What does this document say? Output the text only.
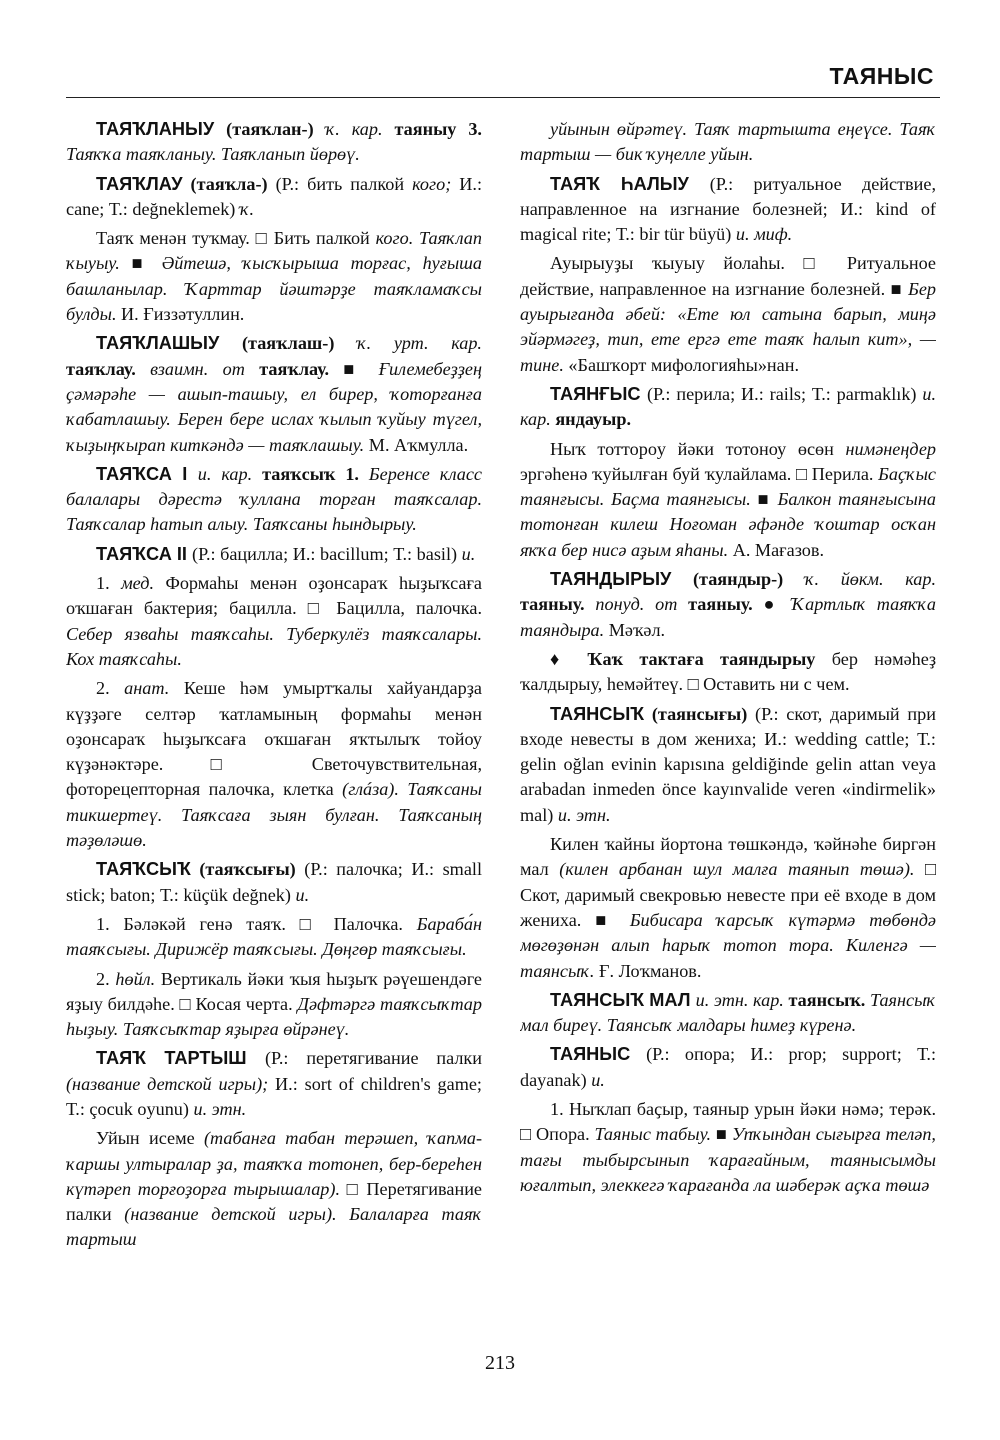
ТАЯНЫС

ТАЯҠЛАНЫУ (таяҡлан-) ҡ. кар. таяныу 3. Таяҡҡа таяҡланыу. Таяҡланып йөрөү.

ТАЯҠЛАУ (таяҡла-) (Р.: бить палкой кого; И.: cane; Т.: değneklemek) ҡ.

Таяҡ менән туҡмау. □ Бить палкой кого. Таяҡлап ҡыуыу. ■ Әйтешә, ҡысҡырыша торғас, һуғыша башланылар. Ҡарттар йәштәрҙе таяҡламаҡсы булды. И. Ғиззәтуллин.

ТАЯҠЛАШЫУ (таяҡлаш-) ҡ. урт. кар. таяҡлау. взаимн. от таяҡлау. ■ Ғилемебеҙҙең ҫәмәрәһе — ашып-ташыу, ел бирер, ҡоторғанға ҡабатлашыу. Берен бере ислах ҡылып ҡуйыу түгел, ҡыҙыңҡырап киткәндә — таяҡлашыу. М. Аҡмулла.

ТАЯҠСА I и. кар. таяҡсыҡ 1. Беренсе класс балалары дәрестә ҡуллана торған таяҡсалар. Таяҡсалар һатып алыу. Таяҡсаны һындырыу.

ТАЯҠСА II (Р.: бацилла; И.: bacillum; Т.: basil) и.

1. мед. Формаһы менән оҙонсараҡ һыҙыҡсаға оҡшаған бактерия; бацилла. □ Бацилла, палочка. Себер язваһы таяҡсаһы. Туберкулёз таяҡсалары. Кох таяҡсаһы.

2. анат. Кеше һәм умыртҡалы хайуандарҙа күҙҙәге селтәр ҡатламының формаһы менән оҙонсараҡ һыҙыҡсаға оҡшаған яҡтылыҡ тойоу күҙәнәктәре. □ Светочувствительная, фоторецепторная палочка, клетка (глáза). Таяҡсаны тикшертеү. Таяҡсаға зыян булған. Таяҡсаның тәҙөләшө.

ТАЯҠСЫҠ (таяҡсығы) (Р.: палочка; И.: small stick; baton; Т.: küçük değnek) и.

1. Бәләкәй генә таяҡ. □ Палочка. Бараба́н таяҡсығы. Дирижёр таяҡсығы. Дөңгөр таяҡсығы.

2. һөйл. Вертикаль йәки ҡыя һыҙыҡ рәүешендәге яҙыу билдәһе. □ Косая черта. Дәфтәргә таяҡсыҡтар һыҙыу. Таяҡсыҡтар яҙырға өйрәнеү.

ТАЯҠ ТАРТЫШ (Р.: перетягивание палки (название детской игры); И.: sort of children's game; Т.: çocuk oyunu) и. этн.

Уйын исеме (табанға табан терәшеп, ҡапма-ҡаршы ултыралар ҙа, таяҡҡа тотонеп, бер-береһен күтәреп торғоҙорға тырышалар). □ Перетягивание палки (название детской игры). Балаларға таяҡ тартыш

уйынын өйрәтеү. Таяҡ тартышта еңеүсе. Таяҡ тартыш — бик ҡуңелле уйын.

ТАЯҠ ҺАЛЫУ (Р.: ритуальное действие, направленное на изгнание болезней; И.: kind of magical rite; Т.: bir tür büyü) и. миф.

Ауырыуҙы ҡыуыу йолаһы. □ Ритуальное действие, направленное на изгнание болезней. ■ Бер ауырығанда әбей: «Ете юл сатына барып, миңә эйәрмәгеҙ, тип, ете ергә ете таяҡ һалып кит», — тине. «Башҡорт мифологияһы»нан.

ТАЯНҒЫС (Р.: перила; И.: rails; Т.: parmaklık) и. кар. яндауыр.

Ныҡ тотторoу йәки тотоноу өсөн нимәнеңдер эргәһенә ҡуйылған буй ҡулайлама. □ Перила. Баҫҡыс таянғысы. Баҫма таянғысы. ■ Балкон таянғысына тотонған килеш Ноғоман әфәнде ҡоштар осҡан яҡҡа бер нисә аҙым яһаны. А. Мағазов.

ТАЯНДЫРЫУ (таяндыр-) ҡ. йөкм. кар. таяныу. понуд. от таяныу. ● Ҡартлыҡ таяҡҡа таяндыра. Мәҡәл.

♦ Ҡаҡ тактаға таяндырыу бер нәмәһеҙ ҡалдырыу, һемәйтеү. □ Оставить ни с чем.

ТАЯНСЫҠ (таянсығы) (Р.: скот, даримый при входе невесты в дом жениха; И.: wedding cattle; Т.: gelin oğlan evinin kapısına geldiğinde gelin attan veya arabadan inmeden önce kayınvalide veren «indirmelik» mal) и. этн.

Килен ҡайны йортона төшкәндә, ҡәйнәһе биргән мал (килен арбанан шул малға таянып төшә). □ Скот, даримый свекровью невесте при её входе в дом жениха. ■ Бибисара ҡарсыҡ күтәрмә төбөндә мөгөҙөнән алып һарыҡ тотоп тора. Киленгә — таянсыҡ. Ғ. Лоҡманов.

ТАЯНСЫҠ МАЛ и. этн. кар. таянсыҡ. Таянсыҡ мал биреү. Таянсыҡ малдары һимеҙ күренә.

ТАЯНЫС (Р.: опора; И.: prop; support; Т.: dayanak) и.

1. Ныҡлап баҫыр, таяныр урын йәки нәмә; терәк. □ Опора. Таяныс табыу. ■ Упҡындан сығырға теләп, тағы тыбырсынып ҡарағайным, таянысымды юғалтып, элеккегә ҡарағанда ла шәберәк аҫҡа төшә

213
